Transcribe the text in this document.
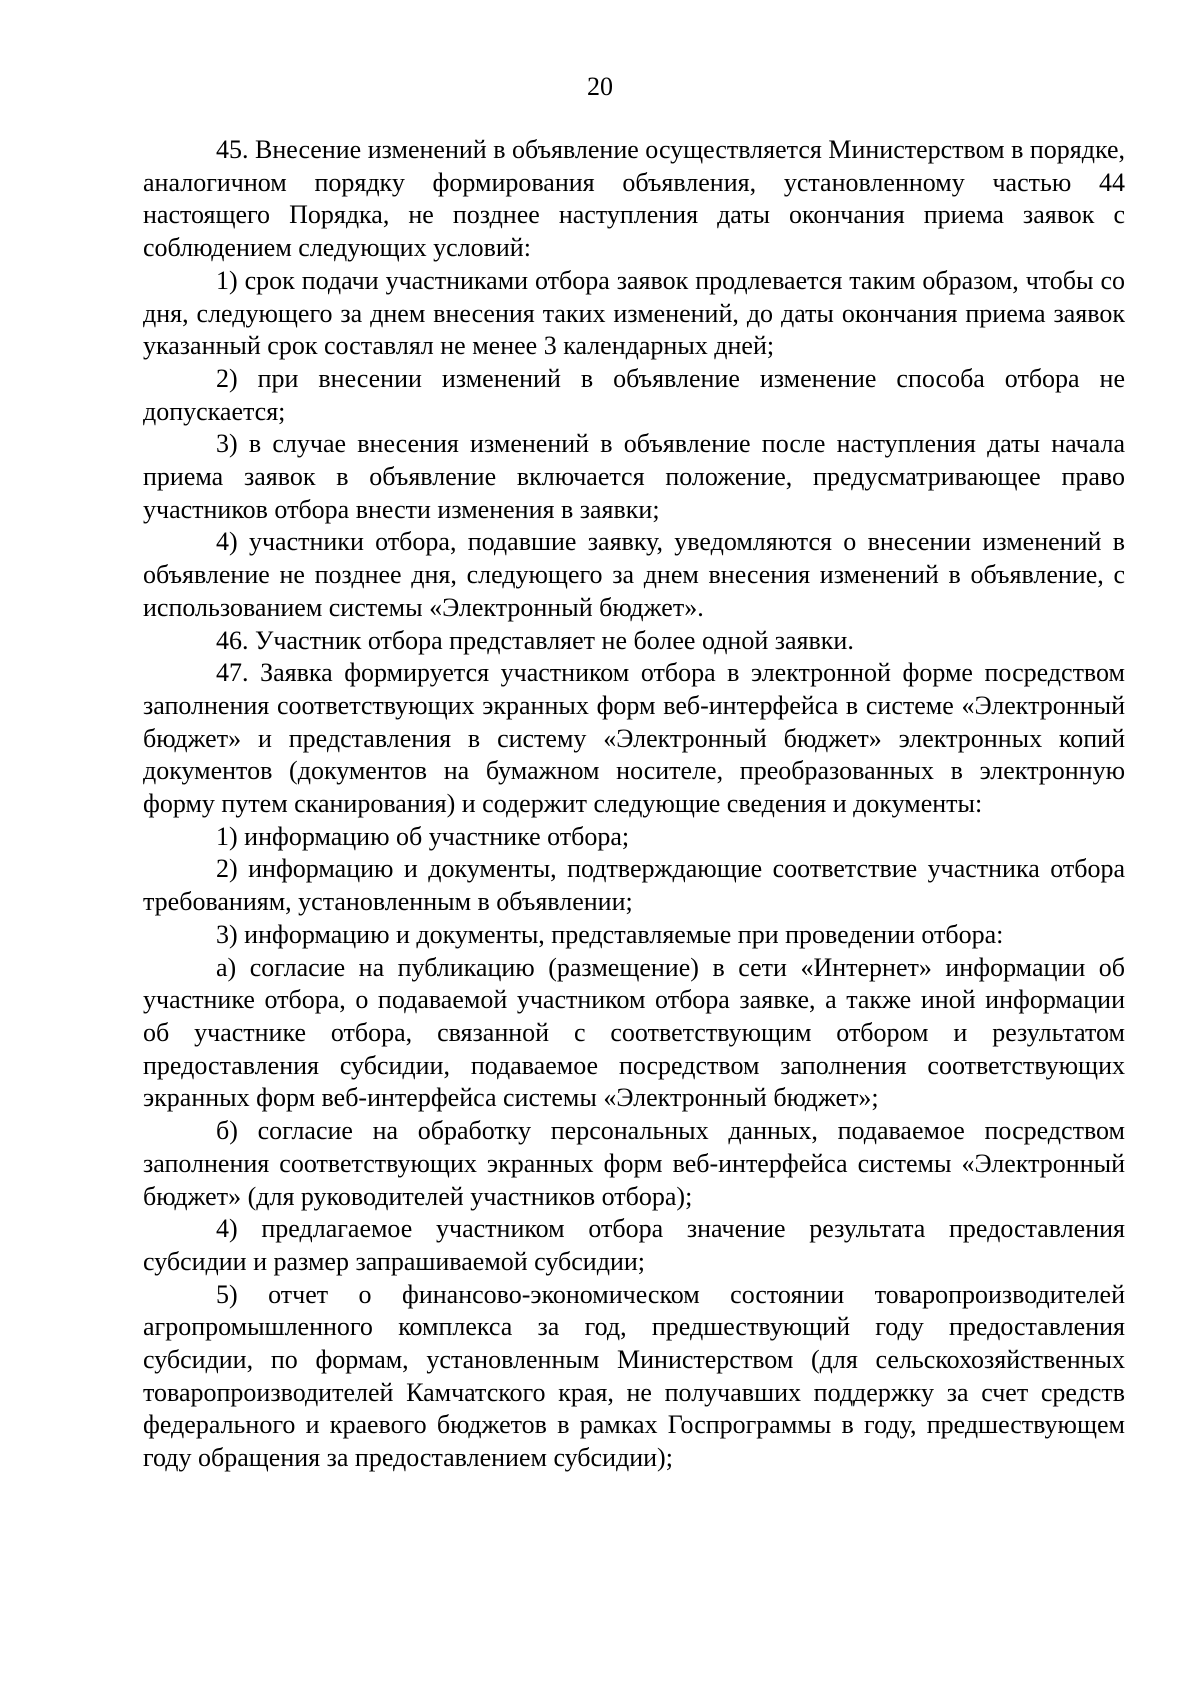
20

45. Внесение изменений в объявление осуществляется Министерством в порядке, аналогичном порядку формирования объявления, установленному частью 44 настоящего Порядка, не позднее наступления даты окончания приема заявок с соблюдением следующих условий:

1) срок подачи участниками отбора заявок продлевается таким образом, чтобы со дня, следующего за днем внесения таких изменений, до даты окончания приема заявок указанный срок составлял не менее 3 календарных дней;

2) при внесении изменений в объявление изменение способа отбора не допускается;

3) в случае внесения изменений в объявление после наступления даты начала приема заявок в объявление включается положение, предусматривающее право участников отбора внести изменения в заявки;

4) участники отбора, подавшие заявку, уведомляются о внесении изменений в объявление не позднее дня, следующего за днем внесения изменений в объявление, с использованием системы «Электронный бюджет».

46. Участник отбора представляет не более одной заявки.

47. Заявка формируется участником отбора в электронной форме посредством заполнения соответствующих экранных форм веб-интерфейса в системе «Электронный бюджет» и представления в систему «Электронный бюджет» электронных копий документов (документов на бумажном носителе, преобразованных в электронную форму путем сканирования) и содержит следующие сведения и документы:

1) информацию об участнике отбора;

2) информацию и документы, подтверждающие соответствие участника отбора требованиям, установленным в объявлении;

3) информацию и документы, представляемые при проведении отбора:

а) согласие на публикацию (размещение) в сети «Интернет» информации об участнике отбора, о подаваемой участником отбора заявке, а также иной информации об участнике отбора, связанной с соответствующим отбором и результатом предоставления субсидии, подаваемое посредством заполнения соответствующих экранных форм веб-интерфейса системы «Электронный бюджет»;

б) согласие на обработку персональных данных, подаваемое посредством заполнения соответствующих экранных форм веб-интерфейса системы «Электронный бюджет» (для руководителей участников отбора);

4) предлагаемое участником отбора значение результата предоставления субсидии и размер запрашиваемой субсидии;

5) отчет о финансово-экономическом состоянии товаропроизводителей агропромышленного комплекса за год, предшествующий году предоставления субсидии, по формам, установленным Министерством (для сельскохозяйственных товаропроизводителей Камчатского края, не получавших поддержку за счет средств федерального и краевого бюджетов в рамках Госпрограммы в году, предшествующем году обращения за предоставлением субсидии);
